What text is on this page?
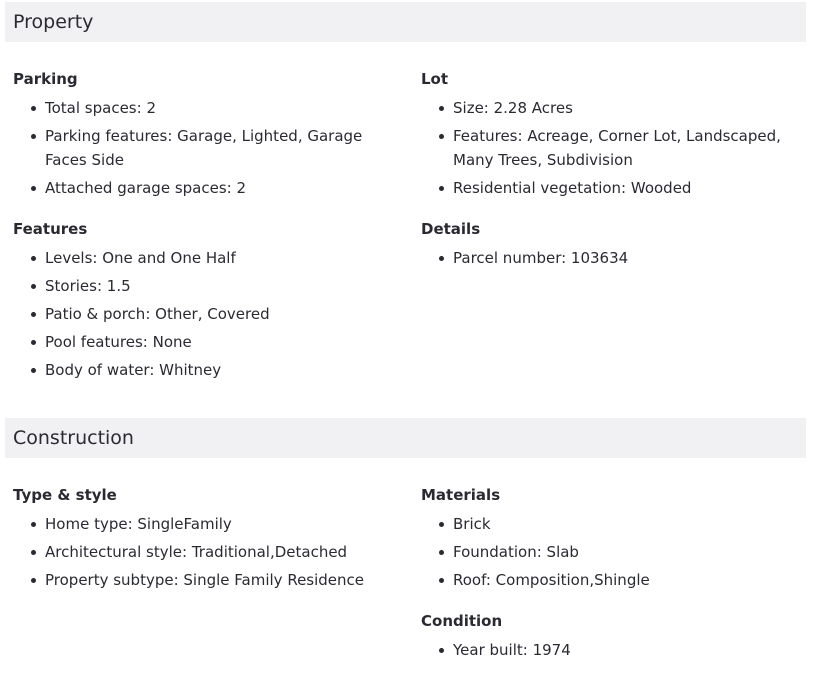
Property
Parking
Total spaces: 2
Parking features: Garage, Lighted, Garage Faces Side
Attached garage spaces: 2
Features
Levels: One and One Half
Stories: 1.5
Patio & porch: Other, Covered
Pool features: None
Body of water: Whitney
Lot
Size: 2.28 Acres
Features: Acreage, Corner Lot, Landscaped, Many Trees, Subdivision
Residential vegetation: Wooded
Details
Parcel number: 103634
Construction
Type & style
Home type: SingleFamily
Architectural style: Traditional,Detached
Property subtype: Single Family Residence
Materials
Brick
Foundation: Slab
Roof: Composition,Shingle
Condition
Year built: 1974
